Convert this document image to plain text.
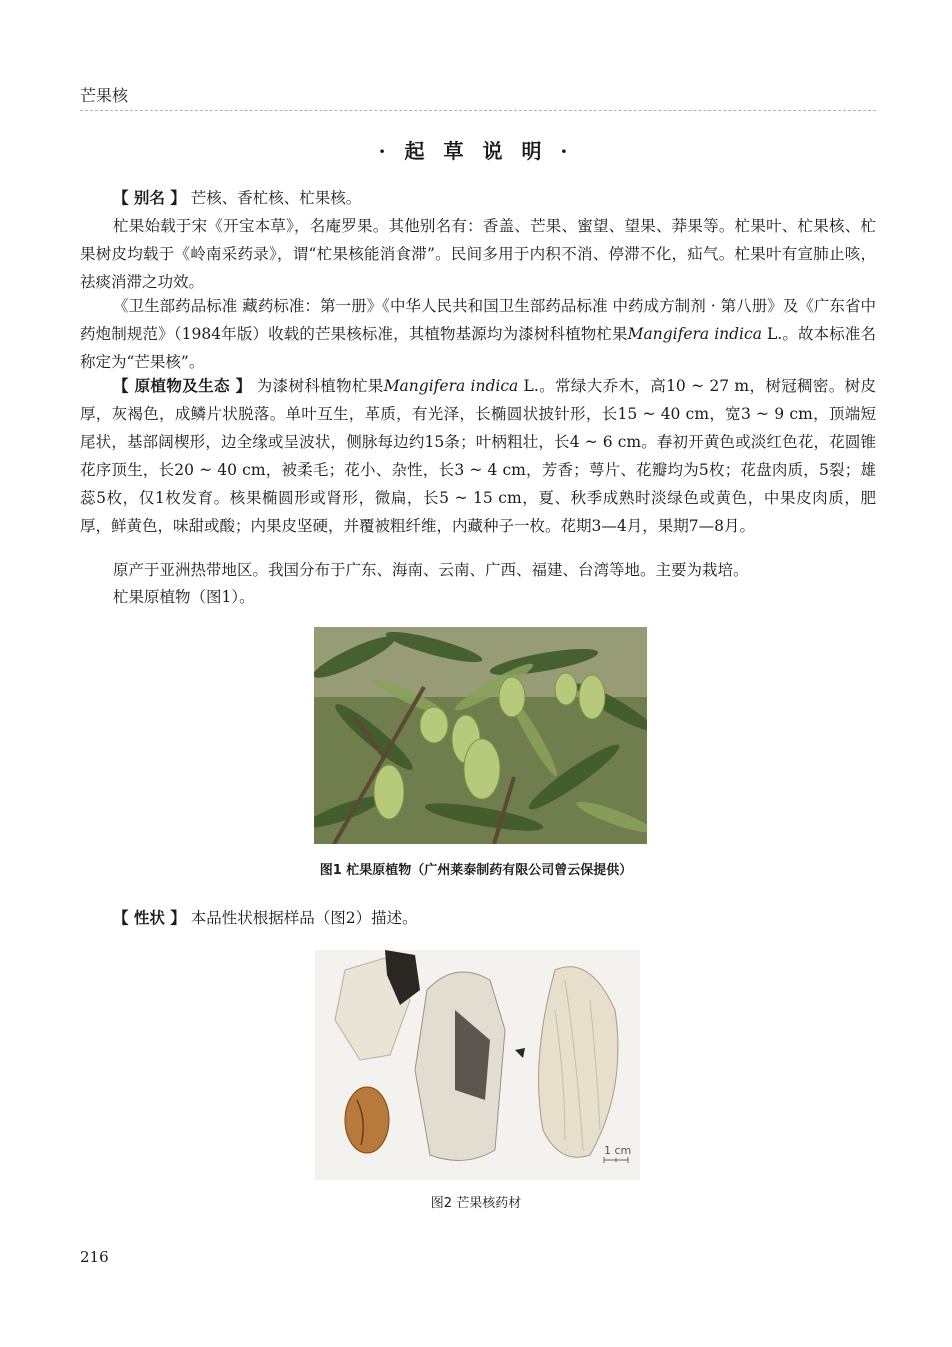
芒果核
· 起 草 说 明 ·

【 别名 】 芒核、香杧核、杧果核。

杧果始载于宋《开宝本草》，名庵罗果。其他别名有：香盖、芒果、蜜望、望果、莽果等。杧果叶、杧果核、杧果树皮均载于《岭南采药录》，谓“杧果核能消食滞”。民间多用于内积不消、停滞不化，疝气。杧果叶有宣肺止咳，祛痰消滞之功效。

《卫生部药品标准 藏药标准：第一册》《中华人民共和国卫生部药品标准 中药成方制剂 · 第八册》及《广东省中药炮制规范》（1984年版）收载的芒果核标准，其植物基源均为漆树科植物杧果Mangifera indica L.。故本标准名称定为“芒果核”。

【 原植物及生态 】 为漆树科植物杧果Mangifera indica L.。常绿大乔木，高10 ~ 27 m，树冠稠密。树皮厚，灰褐色，成鳞片状脱落。单叶互生，革质，有光泽，长椭圆状披针形，长15 ~ 40 cm，宽3 ~ 9 cm，顶端短尾状，基部阔楔形，边全缘或呈波状，侧脉每边约15条；叶柄粗壮，长4 ~ 6 cm。春初开黄色或淡红色花，花圆锥花序顶生，长20 ~ 40 cm，被柔毛；花小、杂性，长3 ~ 4 cm，芳香；萼片、花瓣均为5枚；花盘肉质，5裂；雄蕊5枚，仅1枚发育。核果椭圆形或肾形，微扁，长5 ~ 15 cm，夏、秋季成熟时淡绿色或黄色，中果皮肉质，肥厚，鲜黄色，味甜或酸；内果皮坚硬，并覆被粗纤维，内藏种子一枚。花期3—4月，果期7—8月。

原产于亚洲热带地区。我国分布于广东、海南、云南、广西、福建、台湾等地。主要为栽培。

杧果原植物（图1）。

图1 杧果原植物（广州莱泰制药有限公司曾云保提供）

【 性状 】 本品性状根据样品（图2）描述。

1 cm
图2 芒果核药材
216
